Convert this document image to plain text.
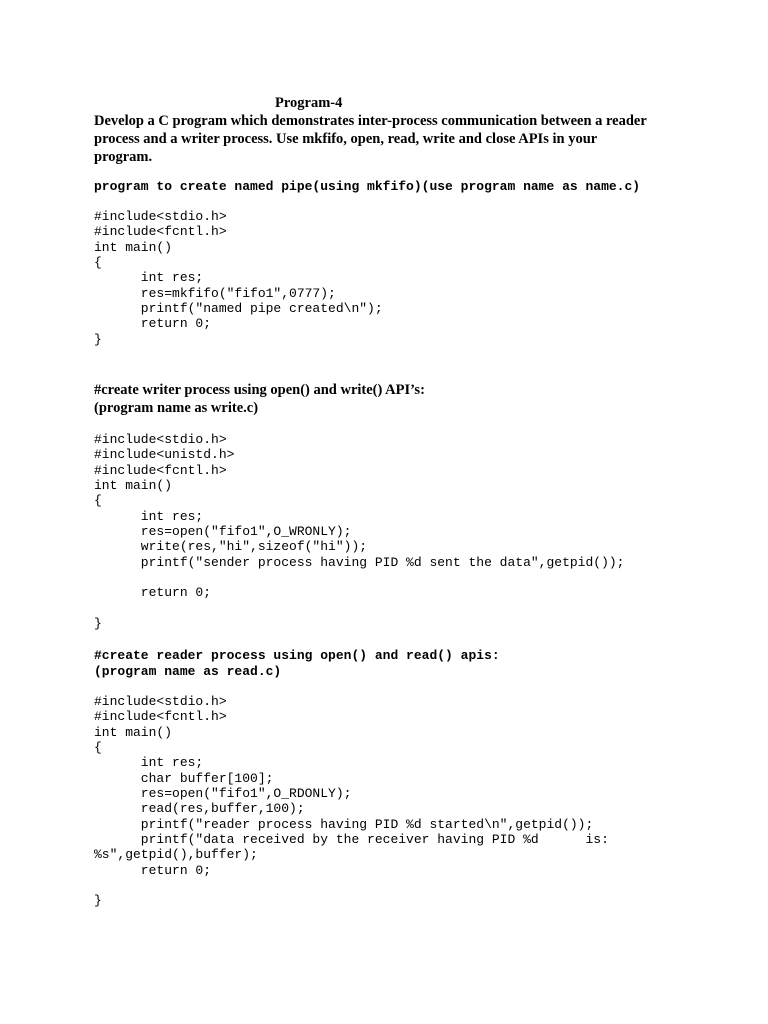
Program-4
Develop a C program which demonstrates inter-process communication between a reader
process and a writer process. Use mkfifo, open, read, write and close APIs in your
program.
program to create named pipe(using mkfifo)(use program name as name.c)
#include<stdio.h>
#include<fcntl.h>
int main()
{
int res;
res=mkfifo("fifo1",0777);
printf("named pipe created\n");
return 0;
}
#create writer process using open() and write() API’s:
(program name as write.c)
#include<stdio.h>
#include<unistd.h>
#include<fcntl.h>
int main()
{
int res;
res=open("fifo1",O_WRONLY);
write(res,"hi",sizeof("hi"));
printf("sender process having PID %d sent the data",getpid());

return 0;

}
#create reader process using open() and read() apis:
(program name as read.c)
#include<stdio.h>
#include<fcntl.h>
int main()
{
int res;
char buffer[100];
res=open("fifo1",O_RDONLY);
read(res,buffer,100);
printf("reader process having PID %d started\n",getpid());
printf("data received by the receiver having PID %d      is:
%s",getpid(),buffer);
return 0;

}
